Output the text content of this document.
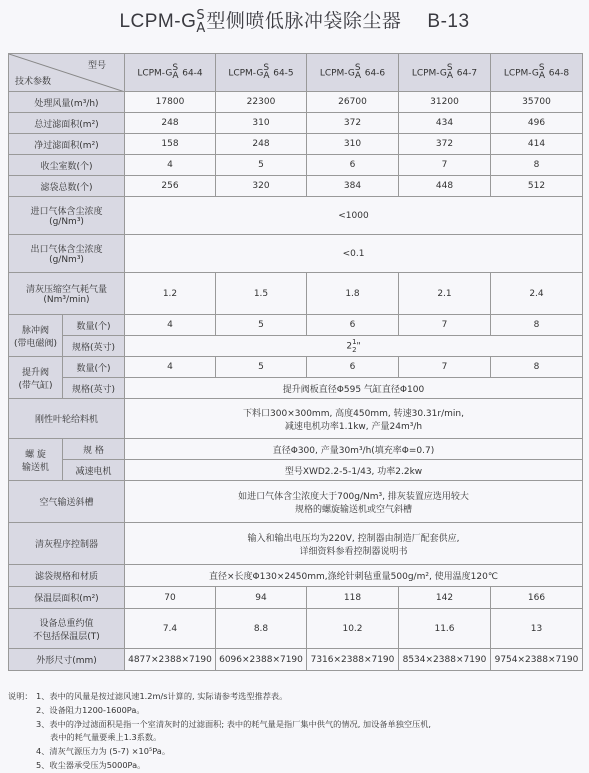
LCPM-G S
A 型侧喷低脉冲袋除尘器 B-13
型号
技术参数		LCPM-G
S
A 64-4	LCPM-G
S
A 64-5	LCPM-G
S
A 64-6	LCPM-G
S
A 64-7	LCPM-G
S
A 64-8
处理风量(m³/h)		17800	22300	26700	31200	35700
总过滤面积(m²)		248	310	372	434	496
净过滤面积(m²)		158	248	310	372	414
收尘室数(个)		4	5	6	7	8
滤袋总数(个)		256	320	384	448	512

进口气体含尘浓度
(g/Nm³)		<1000				

出口气体含尘浓度
(g/Nm³)		<0.1				

清灰压缩空气耗气量
(Nm³/min)		1.2	1.5	1.8	2.1	2.4

脉冲阀
(带电磁阀)	数量(个)	4	5	6	7	8
	规格(英寸)	2 1
2 "				

提升阀
(带气缸)	数量(个)	4	5	6	7	8
	规格(英寸)	提升阀板直径Φ595 气缸直径Φ100				
刚性叶轮给料机		下料口300×300mm, 高度450mm, 转速30.31r/min,
减速电机功率1.1kw, 产量24m³/h				

螺 旋
输送机	规 格	直径Φ300, 产量30m³/h(填充率Φ=0.7)				
	减速电机	型号XWD2.2-5-1/43, 功率2.2kw				
空气输送斜槽		如进口气体含尘浓度大于700g/Nm³, 排灰装置应选用较大
规格的螺旋输送机或空气斜槽				

清灰程序控制器		输入和输出电压均为220V, 控制器由制造厂配套供应,
详细资料参看控制器说明书				

滤袋规格和材质		直径×长度Φ130×2450mm,涤纶针刺毡重量500g/m², 使用温度120℃				
保温层面积(m²)		70	94	118	142	166

设备总重约值
不包括保温层(T)		7.4	8.8	10.2	11.6	13
外形尺寸(mm)		4877×2388×7190	6096×2388×7190	7316×2388×7190	8534×2388×7190	9754×2388×7190
说明： 1、表中的风量是按过滤风速1.2m/s计算的, 实际请参考选型推荐表。
2、设备阻力1200-1600Pa。
3、表中的净过滤面积是指一个室清灰时的过滤面积; 表中的耗气量是指厂集中供气的情况, 加设备单独空压机,
表中的耗气量要乘上1.3系数。
4、清灰气源压力为 (5-7) ×10⁵Pa。
5、收尘器承受压为5000Pa。
